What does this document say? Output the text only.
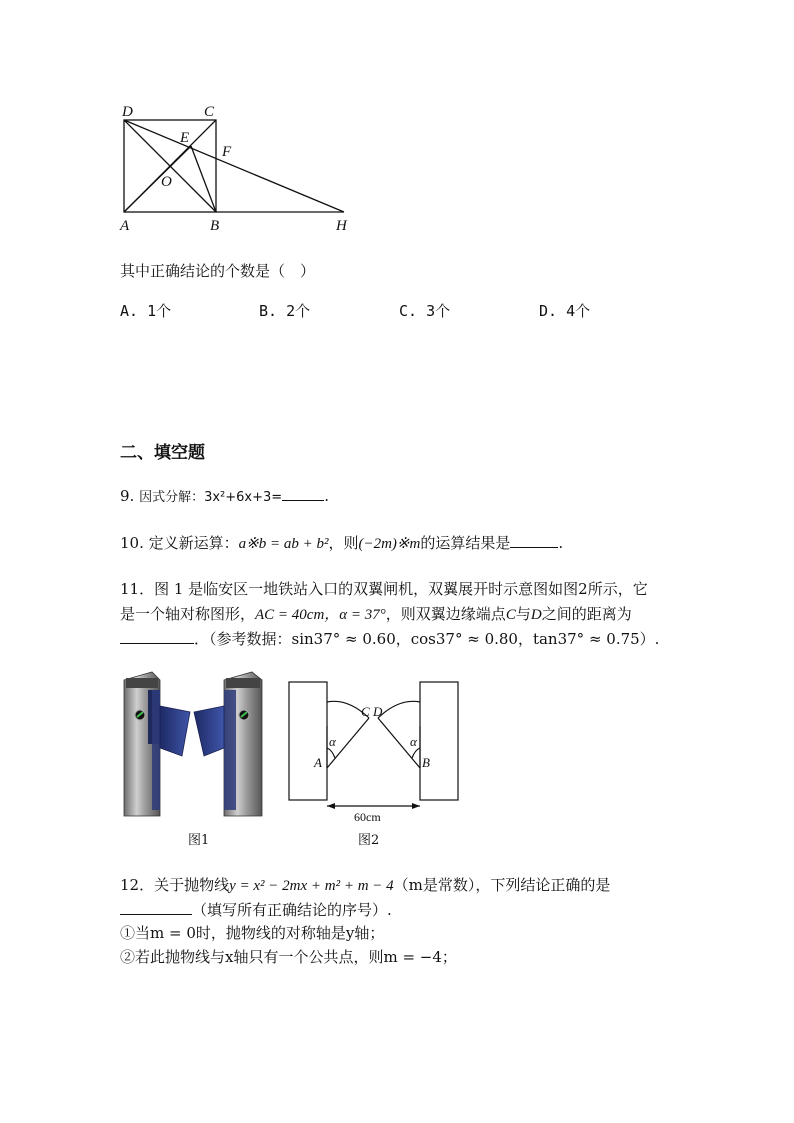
D	C
E
F
O
A	B	H
其中正确结论的个数是（　）
A. 1个	B. 2个	C. 3个	D. 4个
二、填空题
9. 因式分解：3x²+6x+3=	.
10. 定义新运算：a※b = ab + b²，则(−2m)※m的运算结果是	.
11．图 1 是临安区一地铁站入口的双翼闸机，双翼展开时示意图如图2所示，它
是一个轴对称图形，AC = 40cm，α = 37°，则双翼边缘端点C与D之间的距离为
．（参考数据：sin37° ≈ 0.60，cos37° ≈ 0.80，tan37° ≈ 0.75）.
C D
A	B
α	α
60cm
图1	图2
12．关于抛物线y = x² − 2mx + m² + m − 4（m是常数），下列结论正确的是
（填写所有正确结论的序号）.
①当m = 0时，抛物线的对称轴是y轴；
②若此抛物线与x轴只有一个公共点，则m = −4；
